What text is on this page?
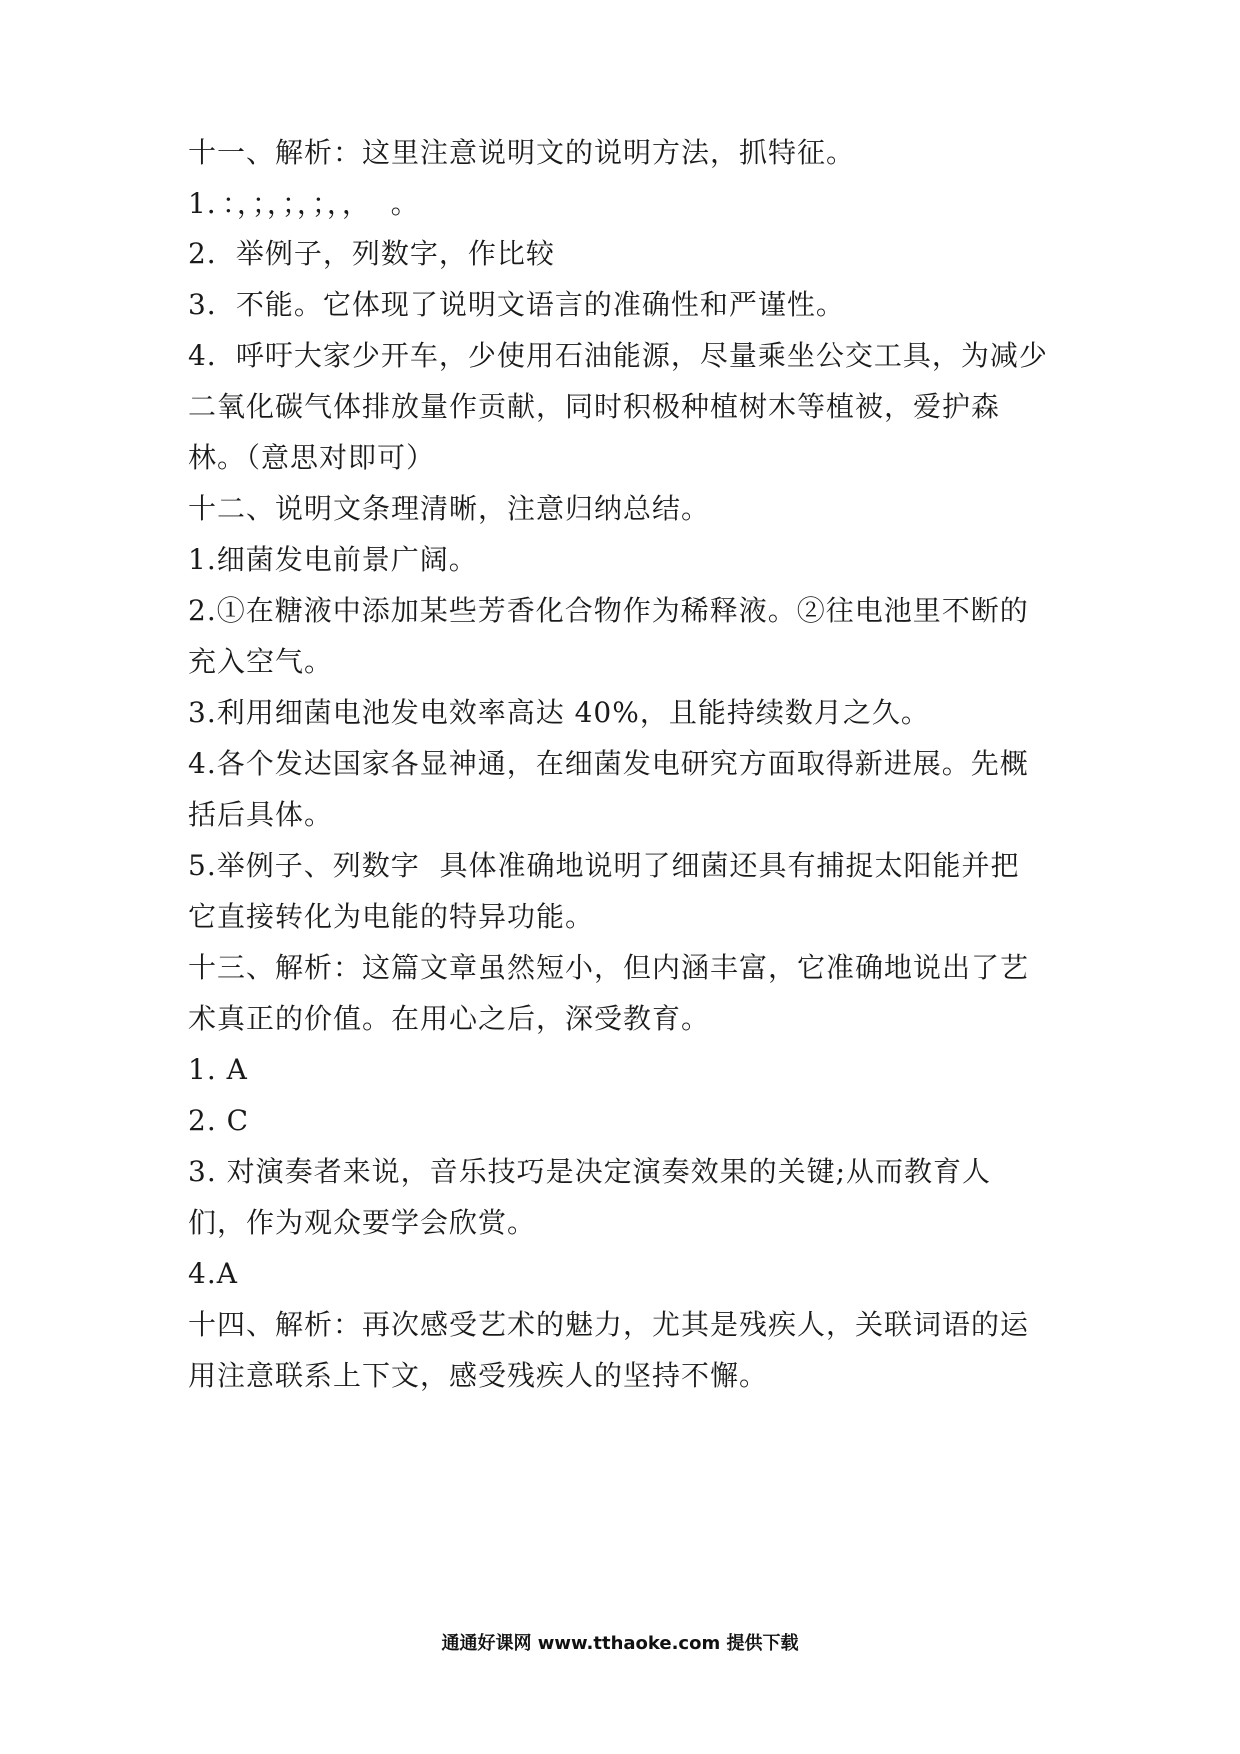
十一、解析：这里注意说明文的说明方法，抓特征。
1．：，；，；，；，，  。
2．举例子，列数字，作比较
3．不能。它体现了说明文语言的准确性和严谨性。
4．呼吁大家少开车，少使用石油能源，尽量乘坐公交工具，为减少
二氧化碳气体排放量作贡献，同时积极种植树木等植被，爱护森
林。（意思对即可）
十二、说明文条理清晰，注意归纳总结。
1.细菌发电前景广阔。
2.①在糖液中添加某些芳香化合物作为稀释液。②往电池里不断的
充入空气。
3.利用细菌电池发电效率高达 40%，且能持续数月之久。
4.各个发达国家各显神通，在细菌发电研究方面取得新进展。先概
括后具体。
5.举例子、列数字  具体准确地说明了细菌还具有捕捉太阳能并把
它直接转化为电能的特异功能。
十三、解析：这篇文章虽然短小，但内涵丰富，它准确地说出了艺
术真正的价值。在用心之后，深受教育。
1. A
2. C
3. 对演奏者来说，音乐技巧是决定演奏效果的关键;从而教育人
们，作为观众要学会欣赏。
4.A
十四、解析：再次感受艺术的魅力，尤其是残疾人，关联词语的运
用注意联系上下文，感受残疾人的坚持不懈。
通通好课网 www.tthaoke.com 提供下载
